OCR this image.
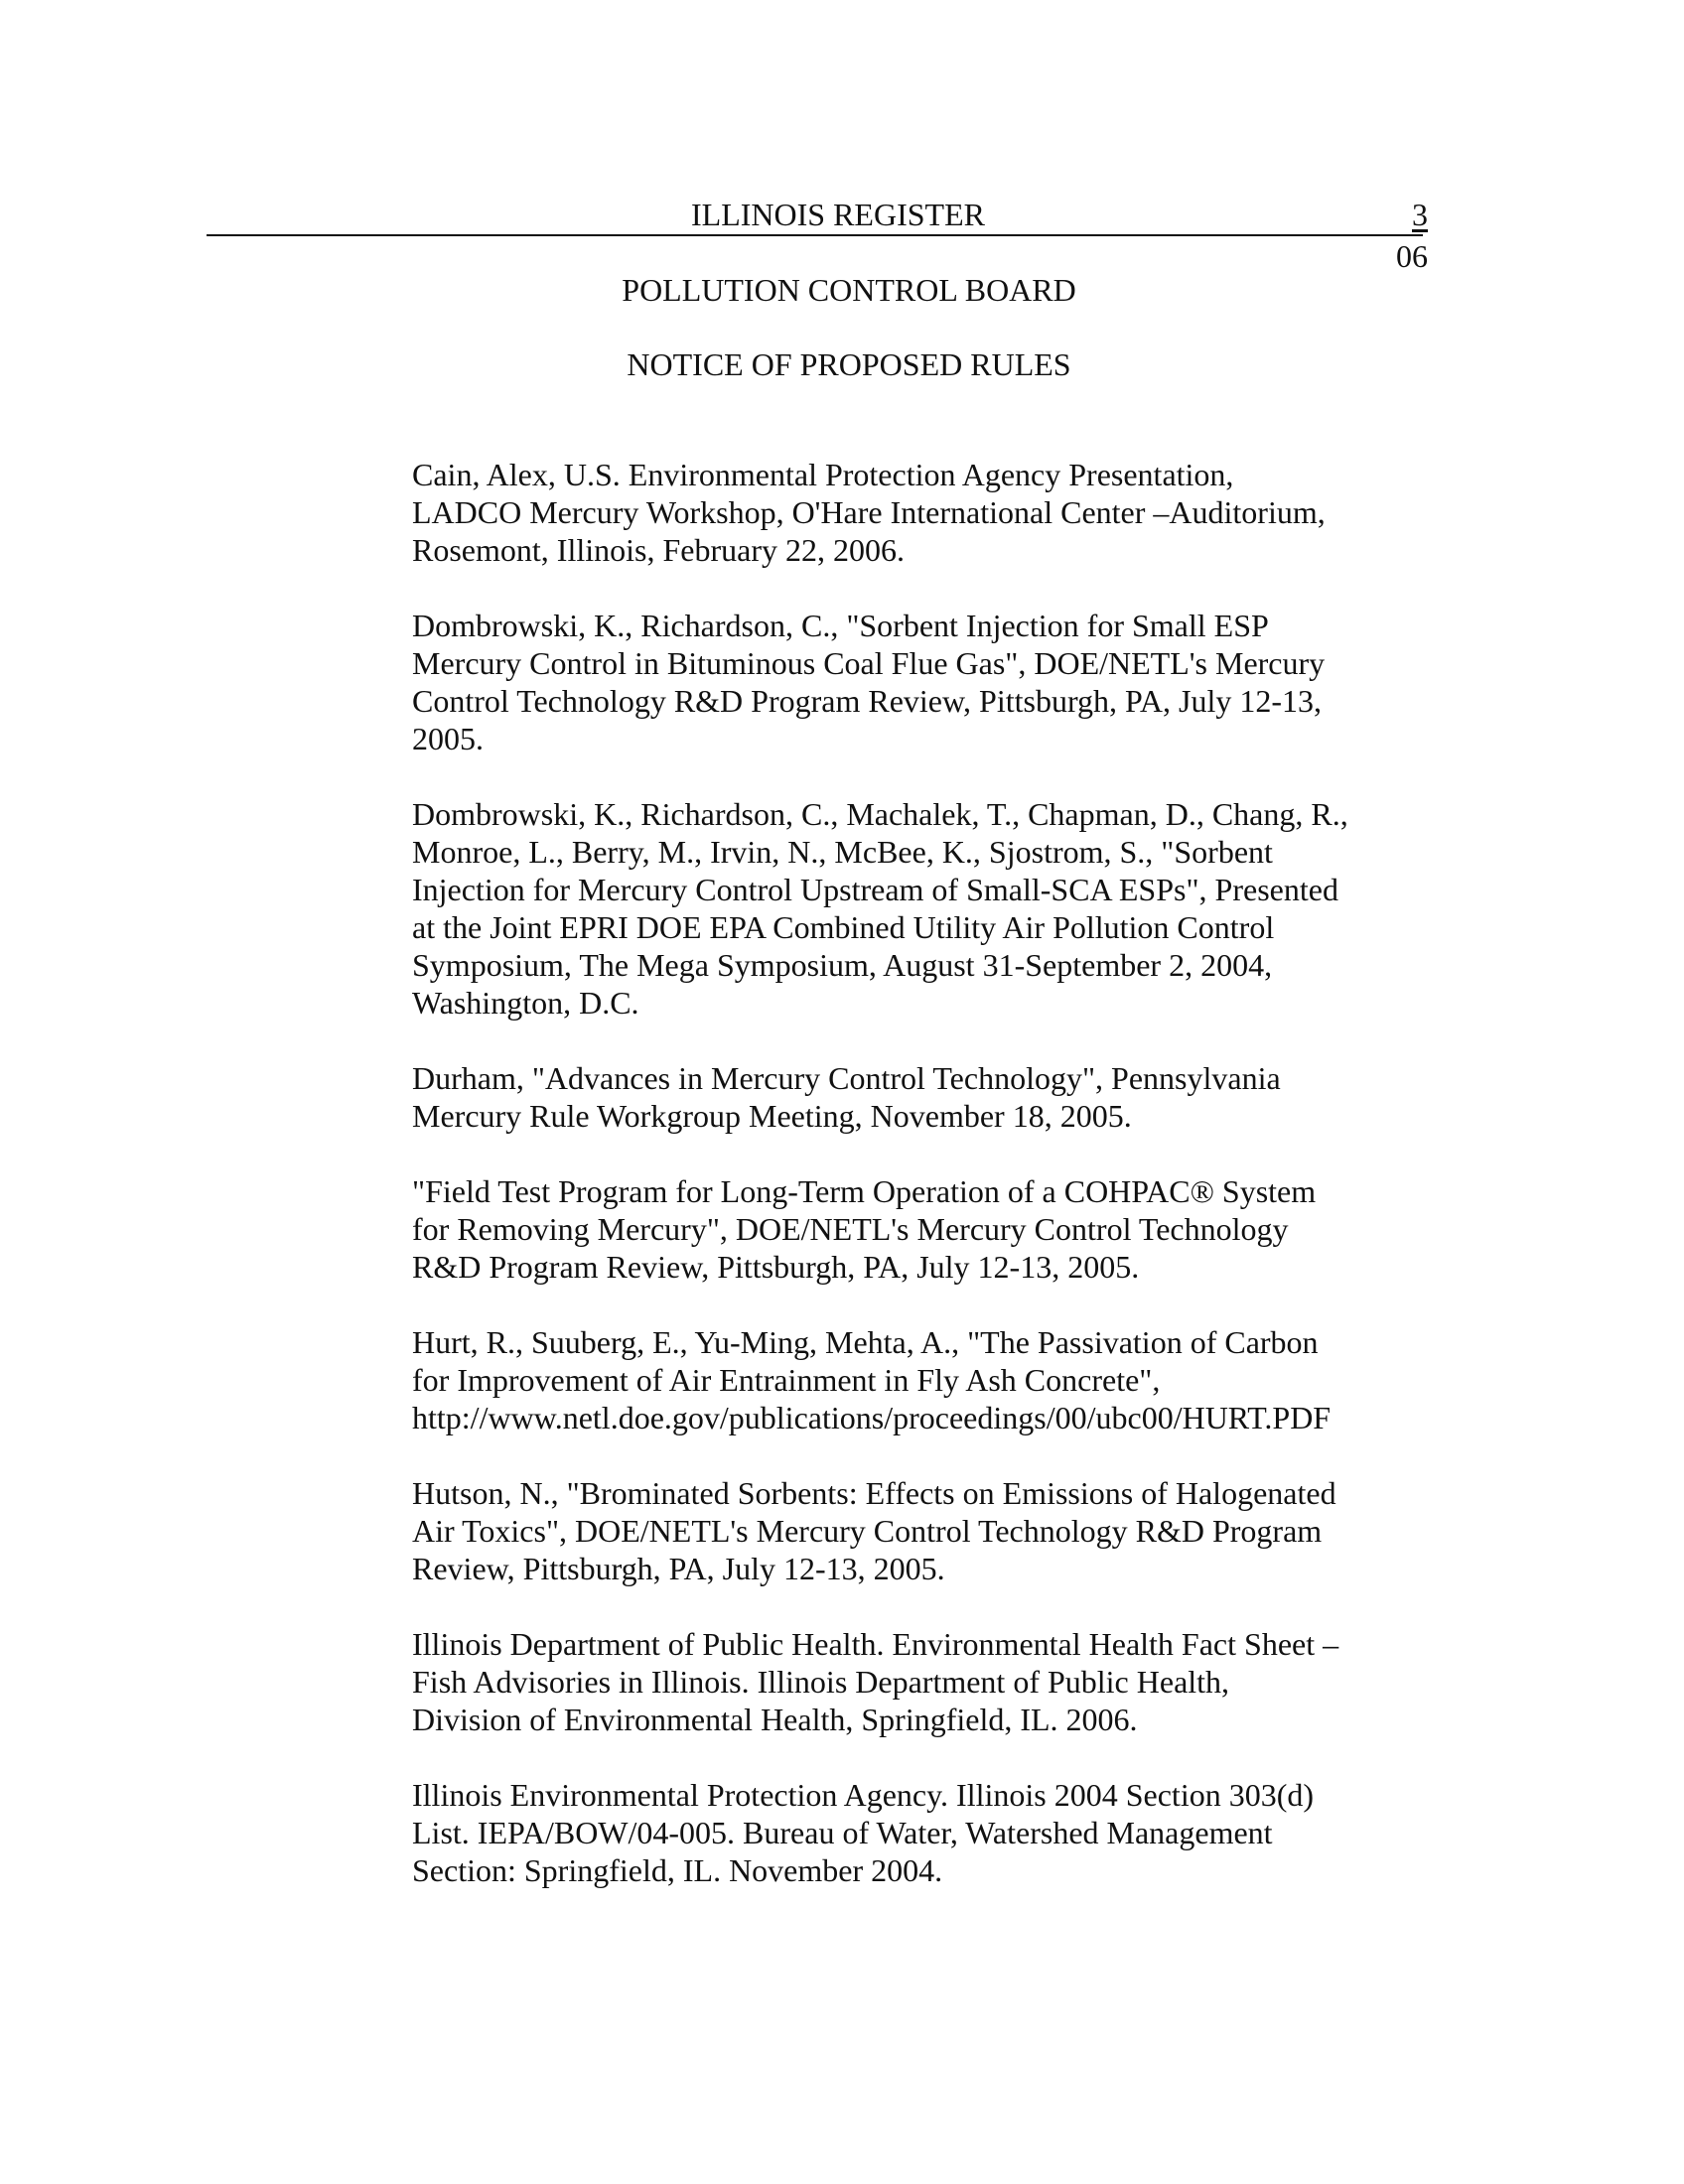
ILLINOIS REGISTER	3
06
POLLUTION CONTROL BOARD
NOTICE OF PROPOSED RULES
Cain, Alex, U.S. Environmental Protection Agency Presentation,
LADCO Mercury Workshop, O'Hare International Center –Auditorium,
Rosemont, Illinois, February 22, 2006.
Dombrowski, K., Richardson, C., "Sorbent Injection for Small ESP
Mercury Control in Bituminous Coal Flue Gas", DOE/NETL's Mercury
Control Technology R&D Program Review, Pittsburgh, PA, July 12-13,
2005.
Dombrowski, K., Richardson, C., Machalek, T., Chapman, D., Chang, R.,
Monroe, L., Berry, M., Irvin, N., McBee, K., Sjostrom, S., "Sorbent
Injection for Mercury Control Upstream of Small-SCA ESPs", Presented
at the Joint EPRI DOE EPA Combined Utility Air Pollution Control
Symposium, The Mega Symposium, August 31-September 2, 2004,
Washington, D.C.
Durham, "Advances in Mercury Control Technology", Pennsylvania
Mercury Rule Workgroup Meeting, November 18, 2005.
"Field Test Program for Long-Term Operation of a COHPAC® System
for Removing Mercury", DOE/NETL's Mercury Control Technology
R&D Program Review, Pittsburgh, PA, July 12-13, 2005.
Hurt, R., Suuberg, E., Yu-Ming, Mehta, A., "The Passivation of Carbon
for Improvement of Air Entrainment in Fly Ash Concrete",
http://www.netl.doe.gov/publications/proceedings/00/ubc00/HURT.PDF
Hutson, N., "Brominated Sorbents: Effects on Emissions of Halogenated
Air Toxics", DOE/NETL's Mercury Control Technology R&D Program
Review, Pittsburgh, PA, July 12-13, 2005.
Illinois Department of Public Health. Environmental Health Fact Sheet –
Fish Advisories in Illinois. Illinois Department of Public Health,
Division of Environmental Health, Springfield, IL. 2006.
Illinois Environmental Protection Agency. Illinois 2004 Section 303(d)
List. IEPA/BOW/04-005. Bureau of Water, Watershed Management
Section: Springfield, IL. November 2004.
